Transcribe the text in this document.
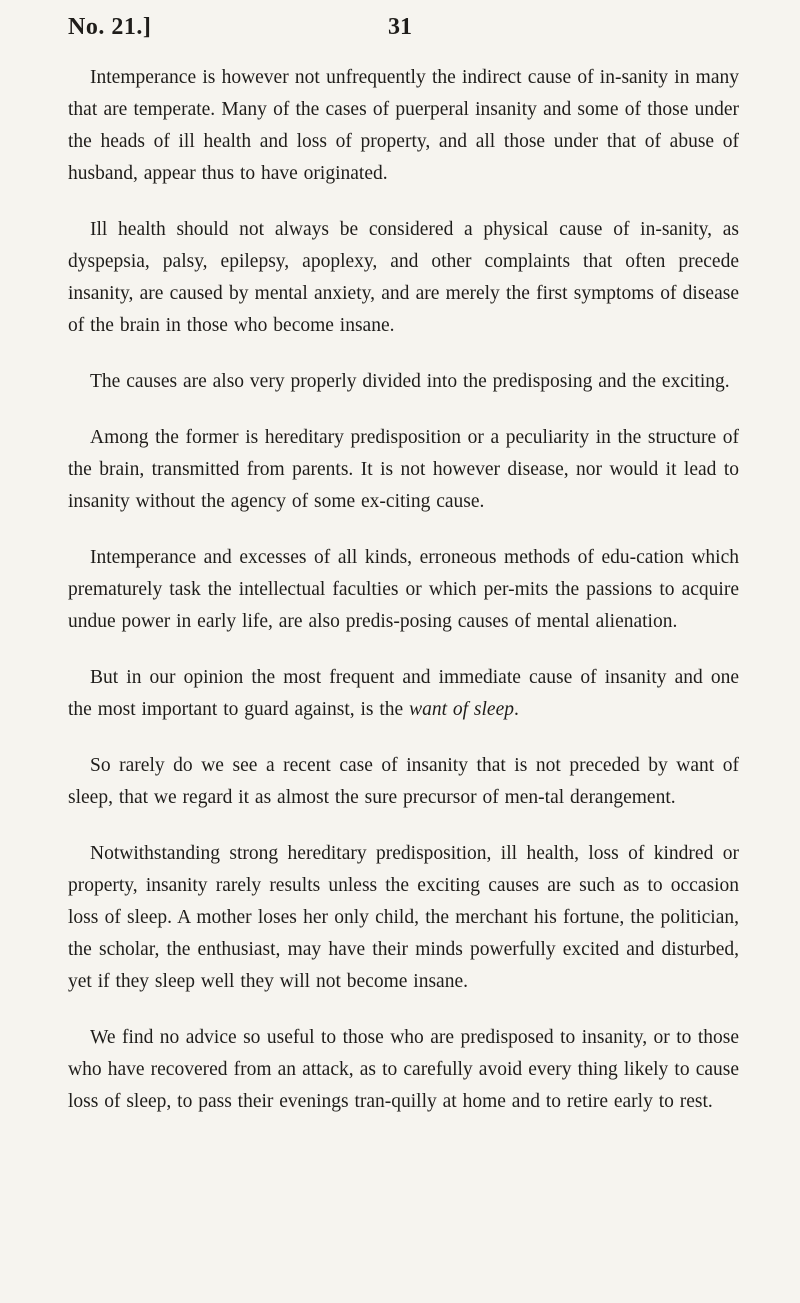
31
No. 21.]

Intemperance is however not unfrequently the indirect cause of in-sanity in many that are temperate. Many of the cases of puerperal insanity and some of those under the heads of ill health and loss of property, and all those under that of abuse of husband, appear thus to have originated.

Ill health should not always be considered a physical cause of in-sanity, as dyspepsia, palsy, epilepsy, apoplexy, and other complaints that often precede insanity, are caused by mental anxiety, and are merely the first symptoms of disease of the brain in those who become insane.

The causes are also very properly divided into the predisposing and the exciting.

Among the former is hereditary predisposition or a peculiarity in the structure of the brain, transmitted from parents. It is not however disease, nor would it lead to insanity without the agency of some ex-citing cause.

Intemperance and excesses of all kinds, erroneous methods of edu-cation which prematurely task the intellectual faculties or which per-mits the passions to acquire undue power in early life, are also predis-posing causes of mental alienation.

But in our opinion the most frequent and immediate cause of insanity and one the most important to guard against, is the want of sleep.

So rarely do we see a recent case of insanity that is not preceded by want of sleep, that we regard it as almost the sure precursor of men-tal derangement.

Notwithstanding strong hereditary predisposition, ill health, loss of kindred or property, insanity rarely results unless the exciting causes are such as to occasion loss of sleep. A mother loses her only child, the merchant his fortune, the politician, the scholar, the enthusiast, may have their minds powerfully excited and disturbed, yet if they sleep well they will not become insane.

We find no advice so useful to those who are predisposed to insanity, or to those who have recovered from an attack, as to carefully avoid every thing likely to cause loss of sleep, to pass their evenings tran-quilly at home and to retire early to rest.
